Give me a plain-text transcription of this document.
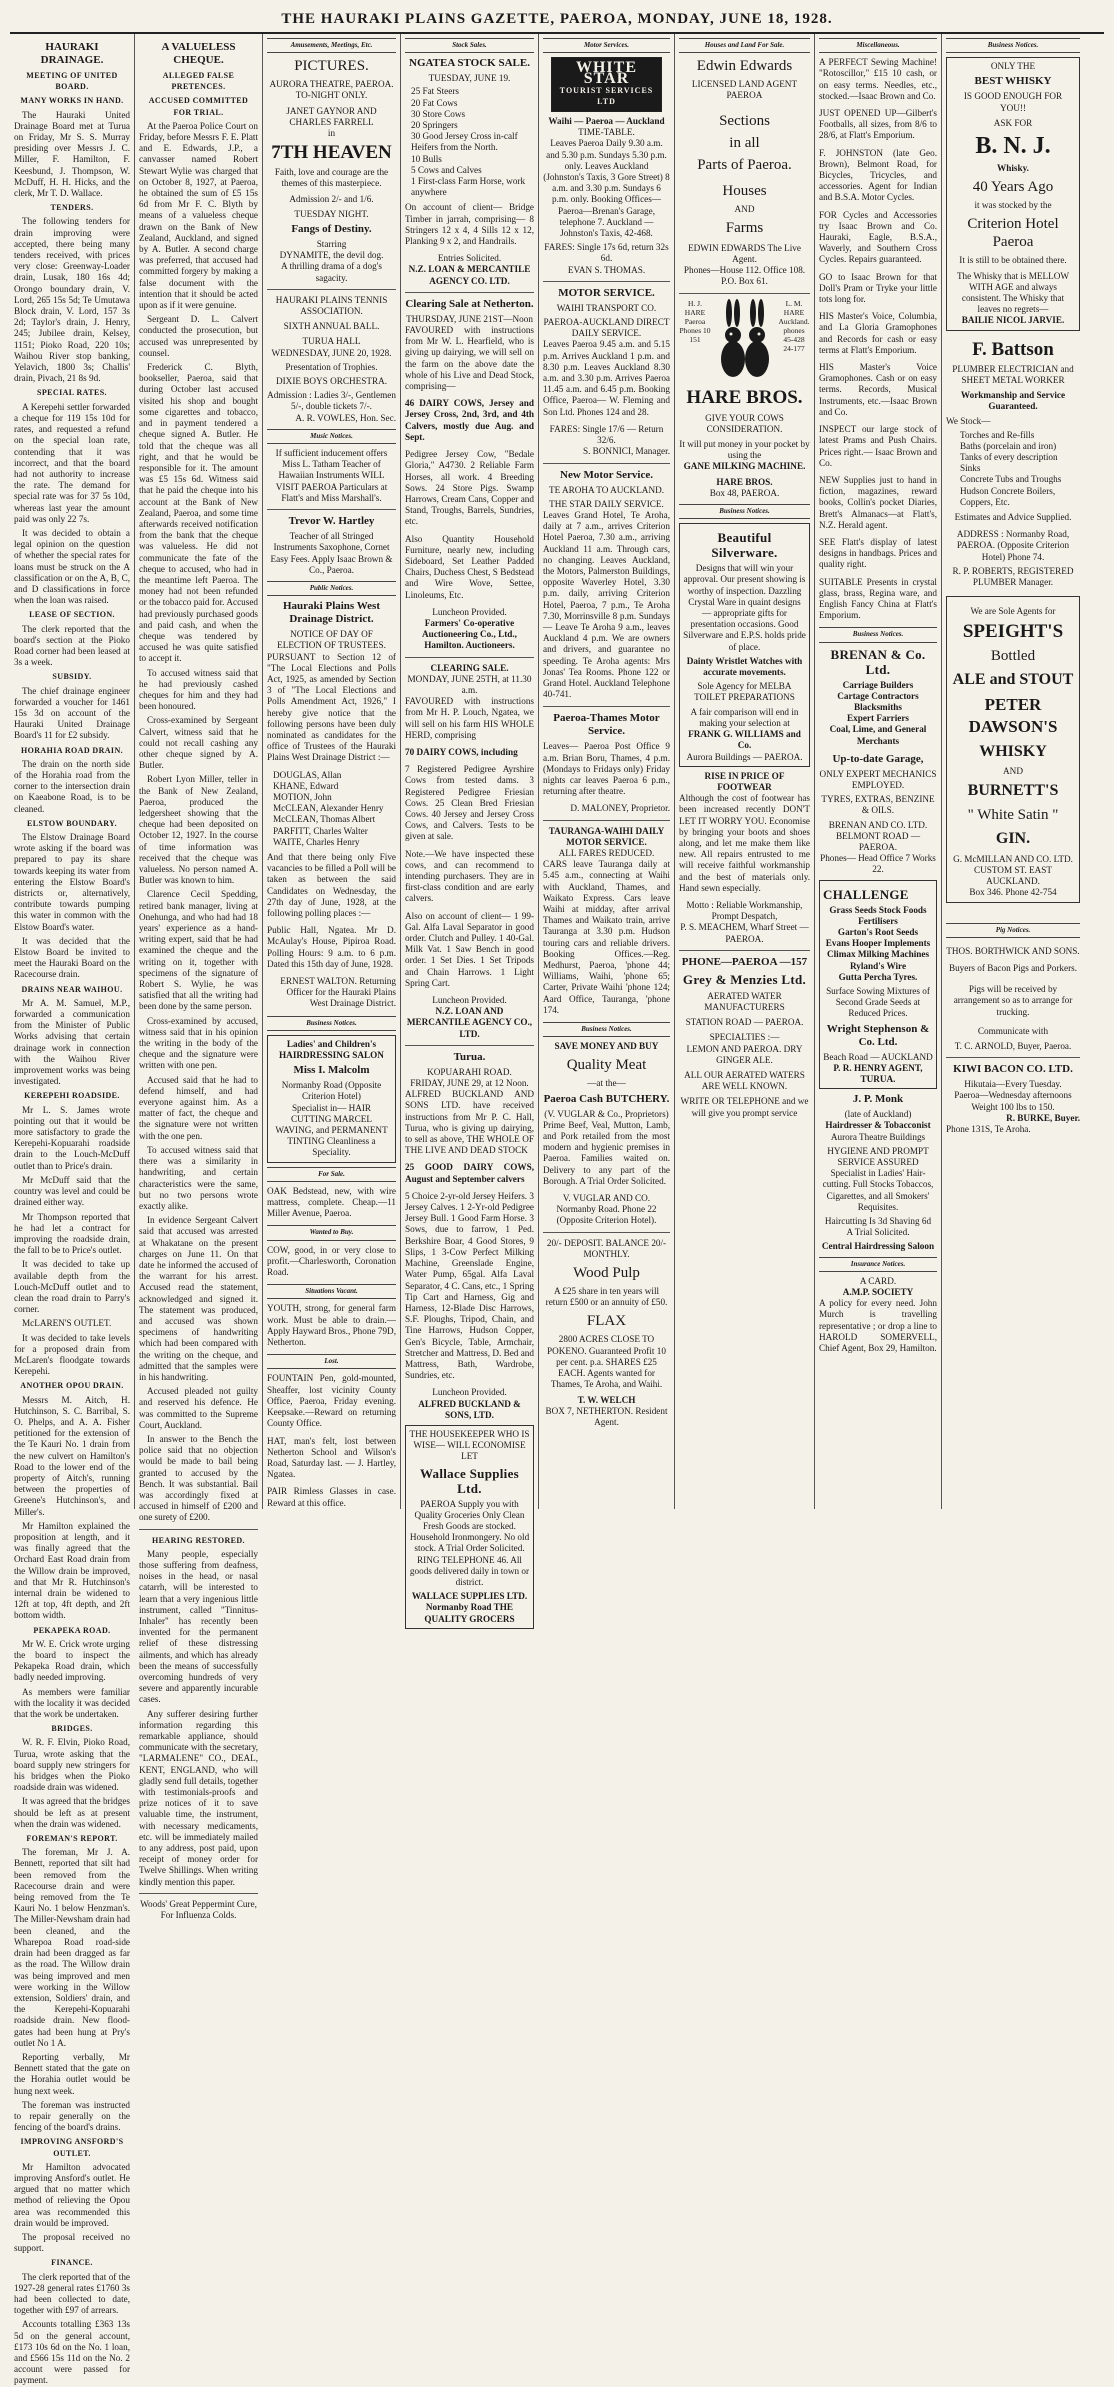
THE HAURAKI PLAINS GAZETTE, PAEROA, MONDAY, JUNE 18, 1928.
HAURAKI DRAINAGE.
MEETING OF UNITED BOARD.
MANY WORKS IN HAND.

The Hauraki United Drainage Board met at Turua on Friday, Mr S. S. Murray presiding over Messrs J. C. Miller, F. Hamilton, F. Keesbund, J. Thompson, W. McDuff, H. H. Hicks, and the clerk, Mr T. D. Wallace.

TENDERS.

The following tenders for drain improving were accepted, there being many tenders received, with prices very close: Greenway-Loader drain, Lusak, 180 16s 4d; Orongo boundary drain, V. Lord, 265 15s 5d; Te Umutawa Block drain, V. Lord, 157 3s 2d; Taylor's drain, J. Henry, 245; Jubilee drain, Kelsey, 1151; Pioko Road, 220 10s; Waihou River stop banking, Yelavich, 1800 3s; Challis' drain, Pivach, 21 8s 9d.

SPECIAL RATES.

A Kerepehi settler forwarded a cheque for 119 15s 10d for rates, and requested a refund on the special loan rate, contending that it was incorrect, and that the board had not authority to increase the rate. The demand for special rate was for 37 5s 10d, whereas last year the amount paid was only 22 7s.

It was decided to obtain a legal opinion on the question of whether the special rates for loans must be struck on the A classification or on the A, B, C, and D classifications in force when the loan was raised.

LEASE OF SECTION.

The clerk reported that the board's section at the Pioko Road corner had been leased at 3s a week.

SUBSIDY.

The chief drainage engineer forwarded a voucher for 1461 15s 3d on account of the Hauraki United Drainage Board's 11 for £2 subsidy.

HORAHIA ROAD DRAIN.

The drain on the north side of the Horahia road from the corner to the intersection drain on Kaeabone Road, is to be cleaned.

ELSTOW BOUNDARY.

The Elstow Drainage Board wrote asking if the board was prepared to pay its share towards keeping its water from entering the Elstow Board's districts or, alternatively, contribute towards pumping this water in common with the Elstow Board's water.

It was decided that the Elstow Board be invited to meet the Hauraki Board on the Racecourse drain.

DRAINS NEAR WAIHOU.

Mr A. M. Samuel, M.P., forwarded a communication from the Minister of Public Works advising that certain drainage work in connection with the Waihou River improvement works was being investigated.

KEREPEHI ROADSIDE.

Mr L. S. James wrote pointing out that it would be more satisfactory to grade the Kerepehi-Kopuarahi roadside drain to the Louch-McDuff outlet than to Price's drain.

Mr McDuff said that the country was level and could be drained either way.

Mr Thompson reported that he had let a contract for improving the roadside drain, the fall to be to Price's outlet.

It was decided to take up available depth from the Louch-McDuff outlet and to clean the road drain to Parry's corner.

McLAREN'S OUTLET.

It was decided to take levels for a proposed drain from McLaren's floodgate towards Kerepehi.

ANOTHER OPOU DRAIN.

Messrs M. Aitch, H. Hutchinson, S. C. Barribal, S. O. Phelps, and A. A. Fisher petitioned for the extension of the Te Kauri No. 1 drain from the new culvert on Hamilton's Road to the lower end of the property of Aitch's, running between the properties of Greene's Hutchinson's, and Miller's.

Mr Hamilton explained the proposition at length, and it was finally agreed that the Orchard East Road drain from the Willow drain be improved, and that Mr R. Hutchinson's internal drain be widened to 12ft at top, 4ft depth, and 2ft bottom width.

PEKAPEKA ROAD.

Mr W. E. Crick wrote urging the board to inspect the Pekapeka Road drain, which badly needed improving.

As members were familiar with the locality it was decided that the work be undertaken.

BRIDGES.

W. R. F. Elvin, Pioko Road, Turua, wrote asking that the board supply new stringers for his bridges when the Pioko roadside drain was widened.

It was agreed that the bridges should be left as at present when the drain was widened.

FOREMAN'S REPORT.

The foreman, Mr J. A. Bennett, reported that silt had been removed from the Racecourse drain and were being removed from the Te Kauri No. 1 below Henzman's. The Miller-Newsham drain had been cleaned, and the Wharepoa Road road-side drain had been dragged as far as the road. The Willow drain was being improved and men were working in the Willow extension, Soldiers' drain, and the Kerepehi-Kopuarahi roadside drain. New flood-gates had been hung at Pry's outlet No 1 A.

Reporting verbally, Mr Bennett stated that the gate on the Horahia outlet would be hung next week.

The foreman was instructed to repair generally on the fencing of the board's drains.

IMPROVING ANSFORD'S OUTLET.

Mr Hamilton advocated improving Ansford's outlet. He argued that no matter which method of relieving the Opou area was recommended this drain would be improved.

The proposal received no support.

FINANCE.

The clerk reported that of the 1927-28 general rates £1760 3s had been collected to date, together with £97 of arrears.

Accounts totalling £363 13s 5d on the general account, £173 10s 6d on the No. 1 loan, and £566 15s 11d on the No. 2 account were passed for payment.

A VALUELESS CHEQUE.
ALLEGED FALSE PRETENCES.
ACCUSED COMMITTED FOR TRIAL.

At the Paeroa Police Court on Friday, before Messrs F. E. Platt and E. Edwards, J.P., a canvasser named Robert Stewart Wylie was charged that on October 8, 1927, at Paeroa, he obtained the sum of £5 15s 6d from Mr F. C. Blyth by means of a valueless cheque drawn on the Bank of New Zealand, Auckland, and signed by A. Butler. A second charge was preferred, that accused had committed forgery by making a false document with the intention that it should be acted upon as if it were genuine.

Sergeant D. L. Calvert conducted the prosecution, but accused was unrepresented by counsel.

Frederick C. Blyth, bookseller, Paeroa, said that during October last accused visited his shop and bought some cigarettes and tobacco, and in payment tendered a cheque signed A. Butler. He told that the cheque was all right, and that he would be responsible for it. The amount was £5 15s 6d. Witness said that he paid the cheque into his account at the Bank of New Zealand, Paeroa, and some time afterwards received notification from the bank that the cheque was valueless. He did not communicate the fate of the cheque to accused, who had in the meantime left Paeroa. The money had not been refunded or the tobacco paid for. Accused had previously purchased goods and paid cash, and when the cheque was tendered by accused he was quite satisfied to accept it.

To accused witness said that he had previously cashed cheques for him and they had been honoured.

Cross-examined by Sergeant Calvert, witness said that he could not recall cashing any other cheque signed by A. Butler.

Robert Lyon Miller, teller in the Bank of New Zealand, Paeroa, produced the ledgersheet showing that the cheque had been deposited on October 12, 1927. In the course of time information was received that the cheque was valueless. No person named A. Butler was known to him.

Clarence Cecil Spedding, retired bank manager, living at Onehunga, and who had had 18 years' experience as a hand-writing expert, said that he had examined the cheque and the writing on it, together with specimens of the signature of Robert S. Wylie, he was satisfied that all the writing had been done by the same person.

Cross-examined by accused, witness said that in his opinion the writing in the body of the cheque and the signature were written with one pen.

Accused said that he had to defend himself, and had everyone against him. As a matter of fact, the cheque and the signature were not written with the one pen.

To accused witness said that there was a similarity in handwriting, and certain characteristics were the same, but no two persons wrote exactly alike.

In evidence Sergeant Calvert said that accused was arrested at Whakatane on the present charges on June 11. On that date he informed the accused of the warrant for his arrest. Accused read the statement, acknowledged and signed it. The statement was produced, and accused was shown specimens of handwriting which had been compared with the writing on the cheque, and admitted that the samples were in his handwriting.

Accused pleaded not guilty and reserved his defence. He was committed to the Supreme Court, Auckland.

In answer to the Bench the police said that no objection would be made to bail being granted to accused by the Bench. It was substantial. Bail was accordingly fixed at accused in himself of £200 and one surety of £200.

HEARING RESTORED.

Many people, especially those suffering from deafness, noises in the head, or nasal catarrh, will be interested to learn that a very ingenious little instrument, called "Tinnitus-Inhaler" has recently been invented for the permanent relief of these distressing ailments, and which has already been the means of successfully overcoming hundreds of very severe and apparently incurable cases.

Any sufferer desiring further information regarding this remarkable appliance, should communicate with the secretary, "LARMALENE" CO., DEAL, KENT, ENGLAND, who will gladly send full details, together with testimonials-proofs and prize notices of it to save valuable time, the instrument, with necessary medicaments, etc. will be immediately mailed to any address, post paid, upon receipt of money order for Twelve Shillings. When writing kindly mention this paper.

Woods' Great Peppermint Cure, For Influenza Colds.
Amusements, Meetings, Etc.
PICTURES.
AURORA THEATRE, PAEROA.
TO-NIGHT ONLY.
JANET GAYNOR AND CHARLES FARRELL
in
7TH HEAVEN
Faith, love and courage are the themes of this masterpiece.
Admission 2/- and 1/6.
TUESDAY NIGHT.
Fangs of Destiny.
Starring
DYNAMITE, the devil dog.
A thrilling drama of a dog's sagacity.
HAURAKI PLAINS TENNIS ASSOCIATION.
SIXTH ANNUAL BALL.
TURUA HALL
WEDNESDAY, JUNE 20, 1928.
Presentation of Trophies.
DIXIE BOYS ORCHESTRA.
Admission : Ladies 3/-, Gentlemen 5/-, double tickets 7/-.
A. R. VOWLES, Hon. Sec.
Music Notices.
If sufficient inducement offers Miss L. Tatham Teacher of Hawaiian Instruments WILL VISIT PAEROA Particulars at Flatt's and Miss Marshall's.
Trevor W. Hartley
Teacher of all Stringed Instruments Saxophone, Cornet Easy Fees. Apply Isaac Brown & Co., Paeroa.
Public Notices.
Hauraki Plains West Drainage District.
NOTICE OF DAY OF ELECTION OF TRUSTEES.
PURSUANT to Section 12 of "The Local Elections and Polls Act, 1925, as amended by Section 3 of "The Local Elections and Polls Amendment Act, 1926," I hereby give notice that the following persons have been duly nominated as candidates for the office of Trustees of the Hauraki Plains West Drainage District :—
DOUGLAS, Allan
KHANE, Edward
MOTION, John
McCLEAN, Alexander Henry
McCLEAN, Thomas Albert
PARFITT, Charles Walter
WAITE, Charles Henry
And that there being only Five vacancies to be filled a Poll will be taken as between the said Candidates on Wednesday, the 27th day of June, 1928, at the following polling places :—
Public Hall, Ngatea. Mr D. McAulay's House, Pipiroa Road. Polling Hours: 9 a.m. to 6 p.m. Dated this 15th day of June, 1928.
ERNEST WALTON. Returning Officer for the Hauraki Plains West Drainage District.
Business Notices.
Ladies' and Children's HAIRDRESSING SALON
Miss I. Malcolm
Normanby Road (Opposite Criterion Hotel)
Specialist in— HAIR CUTTING MARCEL WAVING, and PERMANENT TINTING Cleanliness a Speciality.
For Sale.
OAK Bedstead, new, with wire mattress, complete. Cheap.—11 Miller Avenue, Paeroa.
Wanted to Buy.
COW, good, in or very close to profit.—Charlesworth, Coronation Road.
Situations Vacant.
YOUTH, strong, for general farm work. Must be able to drain.—Apply Hayward Bros., Phone 79D, Netherton.
Lost.
FOUNTAIN Pen, gold-mounted, Sheaffer, lost vicinity County Office, Paeroa, Friday evening. Keepsake.—Reward on returning County Office.
HAT, man's felt, lost between Netherton School and Wilson's Road, Saturday last. — J. Hartley, Ngatea.
PAIR Rimless Glasses in case. Reward at this office.
Stock Sales.
NGATEA STOCK SALE.
TUESDAY, JUNE 19.
25 Fat Steers
20 Fat Cows
30 Store Cows
20 Springers
30 Good Jersey Cross in-calf Heifers from the North.
10 Bulls
5 Cows and Calves
1 First-class Farm Horse, work anywhere
On account of client— Bridge Timber in jarrah, comprising— 8 Stringers 12 x 4, 4 Sills 12 x 12, Planking 9 x 2, and Handrails.
Entries Solicited.
N.Z. LOAN & MERCANTILE AGENCY CO. LTD.
Clearing Sale at Netherton.
THURSDAY, JUNE 21ST—Noon
FAVOURED with instructions from Mr W. L. Hearfield, who is giving up dairying, we will sell on the farm on the above date the whole of his Live and Dead Stock, comprising—
46 DAIRY COWS, Jersey and Jersey Cross, 2nd, 3rd, and 4th Calvers, mostly due Aug. and Sept.
Pedigree Jersey Cow, "Bedale Gloria," A4730. 2 Reliable Farm Horses, all work. 4 Breeding Sows. 24 Store Pigs. Swamp Harrows, Cream Cans, Copper and Stand, Troughs, Barrels, Sundries, etc.
Also Quantity Household Furniture, nearly new, including Sideboard, Set Leather Padded Chairs, Duchess Chest, S Bedstead and Wire Wove, Settee, Linoleums, Etc.
Luncheon Provided.
Farmers' Co-operative Auctioneering Co., Ltd., Hamilton. Auctioneers.
CLEARING SALE.
MONDAY, JUNE 25TH, at 11.30 a.m.
FAVOURED with instructions from Mr H. P. Louch, Ngatea, we will sell on his farm HIS WHOLE HERD, comprising
70 DAIRY COWS, including
7 Registered Pedigree Ayrshire Cows from tested dams. 3 Registered Pedigree Friesian Cows. 25 Clean Bred Friesian Cows. 40 Jersey and Jersey Cross Cows, and Calvers. Tests to be given at sale.
Note.—We have inspected these cows, and can recommend to intending purchasers. They are in first-class condition and are early calvers.
Also on account of client— 1 99-Gal. Alfa Laval Separator in good order. Clutch and Pulley. 1 40-Gal. Milk Vat. 1 Saw Bench in good order. 1 Set Dies. 1 Set Tripods and Chain Harrows. 1 Light Spring Cart.
Luncheon Provided.
N.Z. LOAN AND MERCANTILE AGENCY CO., LTD.
Turua.
KOPUARAHI ROAD.
FRIDAY, JUNE 29, at 12 Noon.
ALFRED BUCKLAND AND SONS LTD. have received instructions from Mr P. C. Hall, Turua, who is giving up dairying, to sell as above, THE WHOLE OF THE LIVE AND DEAD STOCK
25 GOOD DAIRY COWS, August and September calvers
5 Choice 2-yr-old Jersey Heifers. 3 Jersey Calves. 1 2-Yr-old Pedigree Jersey Bull. 1 Good Farm Horse. 3 Sows, due to farrow, 1 Ped. Berkshire Boar, 4 Good Stores, 9 Slips, 1 3-Cow Perfect Milking Machine, Greenslade Engine, Water Pump, 65gal. Alfa Laval Separator, 4 C. Cans, etc., 1 Spring Tip Cart and Harness, Gig and Harness, 12-Blade Disc Harrows, S.F. Ploughs, Tripod, Chain, and Tine Harrows, Hudson Copper, Gen's Bicycle, Table, Armchair, Stretcher and Mattress, D. Bed and Mattress, Bath, Wardrobe, Sundries, etc.
Luncheon Provided.
ALFRED BUCKLAND & SONS, LTD.
THE HOUSEKEEPER WHO IS WISE— WILL ECONOMISE LET
Wallace Supplies Ltd.
PAEROA Supply you with Quality Groceries Only Clean Fresh Goods are stocked. Household Ironmongery. No old stock. A Trial Order Solicited. RING TELEPHONE 46. All goods delivered daily in town or district.
WALLACE SUPPLIES LTD. Normanby Road THE QUALITY GROCERS
Motor Services.
WHITE STAR
TOURIST SERVICES LTD
Waihi — Paeroa — Auckland
TIME-TABLE.
Leaves Paeroa Daily 9.30 a.m. and 5.30 p.m. Sundays 5.30 p.m. only. Leaves Auckland (Johnston's Taxis, 3 Gore Street) 8 a.m. and 3.30 p.m. Sundays 6 p.m. only. Booking Offices— Paeroa—Brenan's Garage, telephone 7. Auckland — Johnston's Taxis, 42-468.
FARES: Single 17s 6d, return 32s 6d.
EVAN S. THOMAS.
MOTOR SERVICE.
WAIHI TRANSPORT CO.
PAEROA-AUCKLAND DIRECT DAILY SERVICE.
Leaves Paeroa 9.45 a.m. and 5.15 p.m. Arrives Auckland 1 p.m. and 8.30 p.m. Leaves Auckland 8.30 a.m. and 3.30 p.m. Arrives Paeroa 11.45 a.m. and 6.45 p.m. Booking Office, Paeroa— W. Fleming and Son Ltd. Phones 124 and 28.
FARES: Single 17/6 — Return 32/6.
S. BONNICI, Manager.
New Motor Service.
TE AROHA TO AUCKLAND.
THE STAR DAILY SERVICE.
Leaves Grand Hotel, Te Aroha, daily at 7 a.m., arrives Criterion Hotel Paeroa, 7.30 a.m., arriving Auckland 11 a.m. Through cars, no changing. Leaves Auckland, the Motors, Palmerston Buildings, opposite Waverley Hotel, 3.30 p.m. daily, arriving Criterion Hotel, Paeroa, 7 p.m., Te Aroha 7.30, Morrinsville 8 p.m. Sundays — Leave Te Aroha 9 a.m., leaves Auckland 4 p.m. We are owners and drivers, and guarantee no speeding. Te Aroha agents: Mrs Jonas' Tea Rooms. Phone 122 or Grand Hotel. Auckland Telephone 40-741.
Paeroa-Thames Motor Service.
Leaves— Paeroa Post Office 9 a.m. Brian Boru, Thames, 4 p.m. (Mondays to Fridays only) Friday nights car leaves Paeroa 6 p.m., returning after theatre.
D. MALONEY, Proprietor.
TAURANGA-WAIHI DAILY MOTOR SERVICE.
ALL FARES REDUCED.
CARS leave Tauranga daily at 5.45 a.m., connecting at Waihi with Auckland, Thames, and Waikato Express. Cars leave Waihi at midday, after arrival Thames and Waikato train, arrive Tauranga at 3.30 p.m. Hudson touring cars and reliable drivers. Booking Offices.—Reg. Medhurst, Paeroa, 'phone 44; Williams, Waihi, 'phone 65; Carter, Private Waihi 'phone 124; Aard Office, Tauranga, 'phone 174.
Business Notices.
SAVE MONEY AND BUY
Quality Meat
—at the—
Paeroa Cash BUTCHERY.
(V. VUGLAR & Co., Proprietors)
Prime Beef, Veal, Mutton, Lamb, and Pork retailed from the most modern and hygienic premises in Paeroa. Families waited on. Delivery to any part of the Borough. A Trial Order Solicited.
V. VUGLAR AND CO. Normanby Road. Phone 22 (Opposite Criterion Hotel).
20/- DEPOSIT. BALANCE 20/- MONTHLY.
Wood Pulp
A £25 share in ten years will return £500 or an annuity of £50.
FLAX
2800 ACRES CLOSE TO POKENO. Guaranteed Profit 10 per cent. p.a. SHARES £25 EACH. Agents wanted for Thames, Te Aroha, and Waihi.
T. W. WELCH
BOX 7, NETHERTON. Resident Agent.
Houses and Land For Sale.
Edwin Edwards
LICENSED LAND AGENT PAEROA
Sections
in all
Parts of Paeroa.
Houses
AND
Farms
EDWIN EDWARDS The Live Agent.
Phones—House 112. Office 108. P.O. Box 61.
H. J. HARE Paeroa Phones 10 151
L. M. HARE Auckland. phones 45-428 24-177
HARE BROS.
GIVE YOUR COWS CONSIDERATION.
It will put money in your pocket by using the
GANE MILKING MACHINE.
HARE BROS.
Box 48, PAEROA.
Business Notices.
Beautiful Silverware.
Designs that will win your approval. Our present showing is worthy of inspection. Dazzling Crystal Ware in quaint designs — appropriate gifts for presentation occasions. Good Silverware and E.P.S. holds pride of place.
Dainty Wristlet Watches with accurate movements.
Sole Agency for MELBA TOILET PREPARATIONS
A fair comparison will end in making your selection at
FRANK G. WILLIAMS and Co.
Aurora Buildings — PAEROA.
RISE IN PRICE OF FOOTWEAR
Although the cost of footwear has been increased recently DON'T LET IT WORRY YOU. Economise by bringing your boots and shoes along, and let me make them like new. All repairs entrusted to me will receive faithful workmanship and the best of materials only. Hand sewn especially.
Motto : Reliable Workmanship, Prompt Despatch,
P. S. MEACHEM, Wharf Street — PAEROA.
PHONE—PAEROA —157
Grey & Menzies Ltd.
AERATED WATER MANUFACTURERS
STATION ROAD — PAEROA.
SPECIALTIES :—
LEMON AND PAEROA. DRY GINGER ALE.
ALL OUR AERATED WATERS ARE WELL KNOWN.
WRITE OR TELEPHONE and we will give you prompt service
Miscellaneous.
A PERFECT Sewing Machine! "Rotoscillor," £15 10 cash, or on easy terms. Needles, etc., stocked.—Isaac Brown and Co.
JUST OPENED UP—Gilbert's Footballs, all sizes, from 8/6 to 28/6, at Flatt's Emporium.
F. JOHNSTON (late Geo. Brown), Belmont Road, for Bicycles, Tricycles, and accessories. Agent for Indian and B.S.A. Motor Cycles.
FOR Cycles and Accessories try Isaac Brown and Co. Hauraki, Eagle, B.S.A., Waverly, and Southern Cross Cycles. Repairs guaranteed.
GO to Isaac Brown for that Doll's Pram or Tryke your little tots long for.
HIS Master's Voice, Columbia, and La Gloria Gramophones and Records for cash or easy terms at Flatt's Emporium.
HIS Master's Voice Gramophones. Cash or on easy terms. Records, Musical Instruments, etc.—Isaac Brown and Co.
INSPECT our large stock of latest Prams and Push Chairs. Prices right.— Isaac Brown and Co.
NEW Supplies just to hand in fiction, magazines, reward books, Collin's pocket Diaries, Brett's Almanacs—at Flatt's, N.Z. Herald agent.
SEE Flatt's display of latest designs in handbags. Prices and quality right.
SUITABLE Presents in crystal glass, brass, Regina ware, and English Fancy China at Flatt's Emporium.
Business Notices.
BRENAN & Co. Ltd.
Carriage Builders
Cartage Contractors
Blacksmiths
Expert Farriers
Coal, Lime, and General Merchants
Up-to-date Garage,
ONLY EXPERT MECHANICS EMPLOYED.
TYRES, EXTRAS, BENZINE & OILS.
BRENAN AND CO. LTD. BELMONT ROAD — PAEROA.
Phones— Head Office 7 Works 22.
CHALLENGE
Grass Seeds Stock Foods Fertilisers
Garton's Root Seeds
Evans Hooper Implements
Climax Milking Machines
Ryland's Wire
Gutta Percha Tyres.
Surface Sowing Mixtures of Second Grade Seeds at Reduced Prices.
Wright Stephenson & Co. Ltd.
Beach Road — AUCKLAND
P. R. HENRY AGENT, TURUA.
J. P. Monk
(late of Auckland)
Hairdresser & Tobacconist
Aurora Theatre Buildings
HYGIENE AND PROMPT SERVICE ASSURED
Specialist in Ladies' Hair-cutting. Full Stocks Tobaccos, Cigarettes, and all Smokers' Requisites.
Haircutting Is 3d Shaving 6d
A Trial Solicited.
Central Hairdressing Saloon
Insurance Notices.
A CARD.
A.M.P. SOCIETY
A policy for every need. John Murch is travelling representative ; or drop a line to HAROLD SOMERVELL, Chief Agent, Box 29, Hamilton.
Business Notices.
ONLY THE
BEST WHISKY
IS GOOD ENOUGH FOR YOU!!
ASK FOR
B. N. J.
Whisky.
40 Years Ago
it was stocked by the
Criterion Hotel Paeroa
It is still to be obtained there.
The Whisky that is MELLOW WITH AGE and always consistent. The Whisky that leaves no regrets—
BAILIE NICOL JARVIE.
F. Battson
PLUMBER ELECTRICIAN and SHEET METAL WORKER
Workmanship and Service Guaranteed.
We Stock—
Torches and Re-fills
Baths (porcelain and iron)
Tanks of every description
Sinks
Concrete Tubs and Troughs
Hudson Concrete Boilers,
Coppers, Etc.
Estimates and Advice Supplied.
ADDRESS : Normanby Road, PAEROA. (Opposite Criterion Hotel) Phone 74.
R. P. ROBERTS, REGISTERED PLUMBER Manager.
We are Sole Agents for
SPEIGHT'S
Bottled
ALE and STOUT
PETER DAWSON'S
WHISKY
AND
BURNETT'S
" White Satin "
GIN.
G. McMILLAN AND CO. LTD.
CUSTOM ST. EAST AUCKLAND.
Box 346. Phone 42-754
Pig Notices.
THOS. BORTHWICK AND SONS.
Buyers of Bacon Pigs and Porkers.
Pigs will be received by arrangement so as to arrange for trucking.
Communicate with
T. C. ARNOLD, Buyer, Paeroa.
KIWI BACON CO. LTD.
Hikutaia—Every Tuesday.
Paeroa—Wednesday afternoons
Weight 100 lbs to 150.
R. BURKE, Buyer.
Phone 131S, Te Aroha.
